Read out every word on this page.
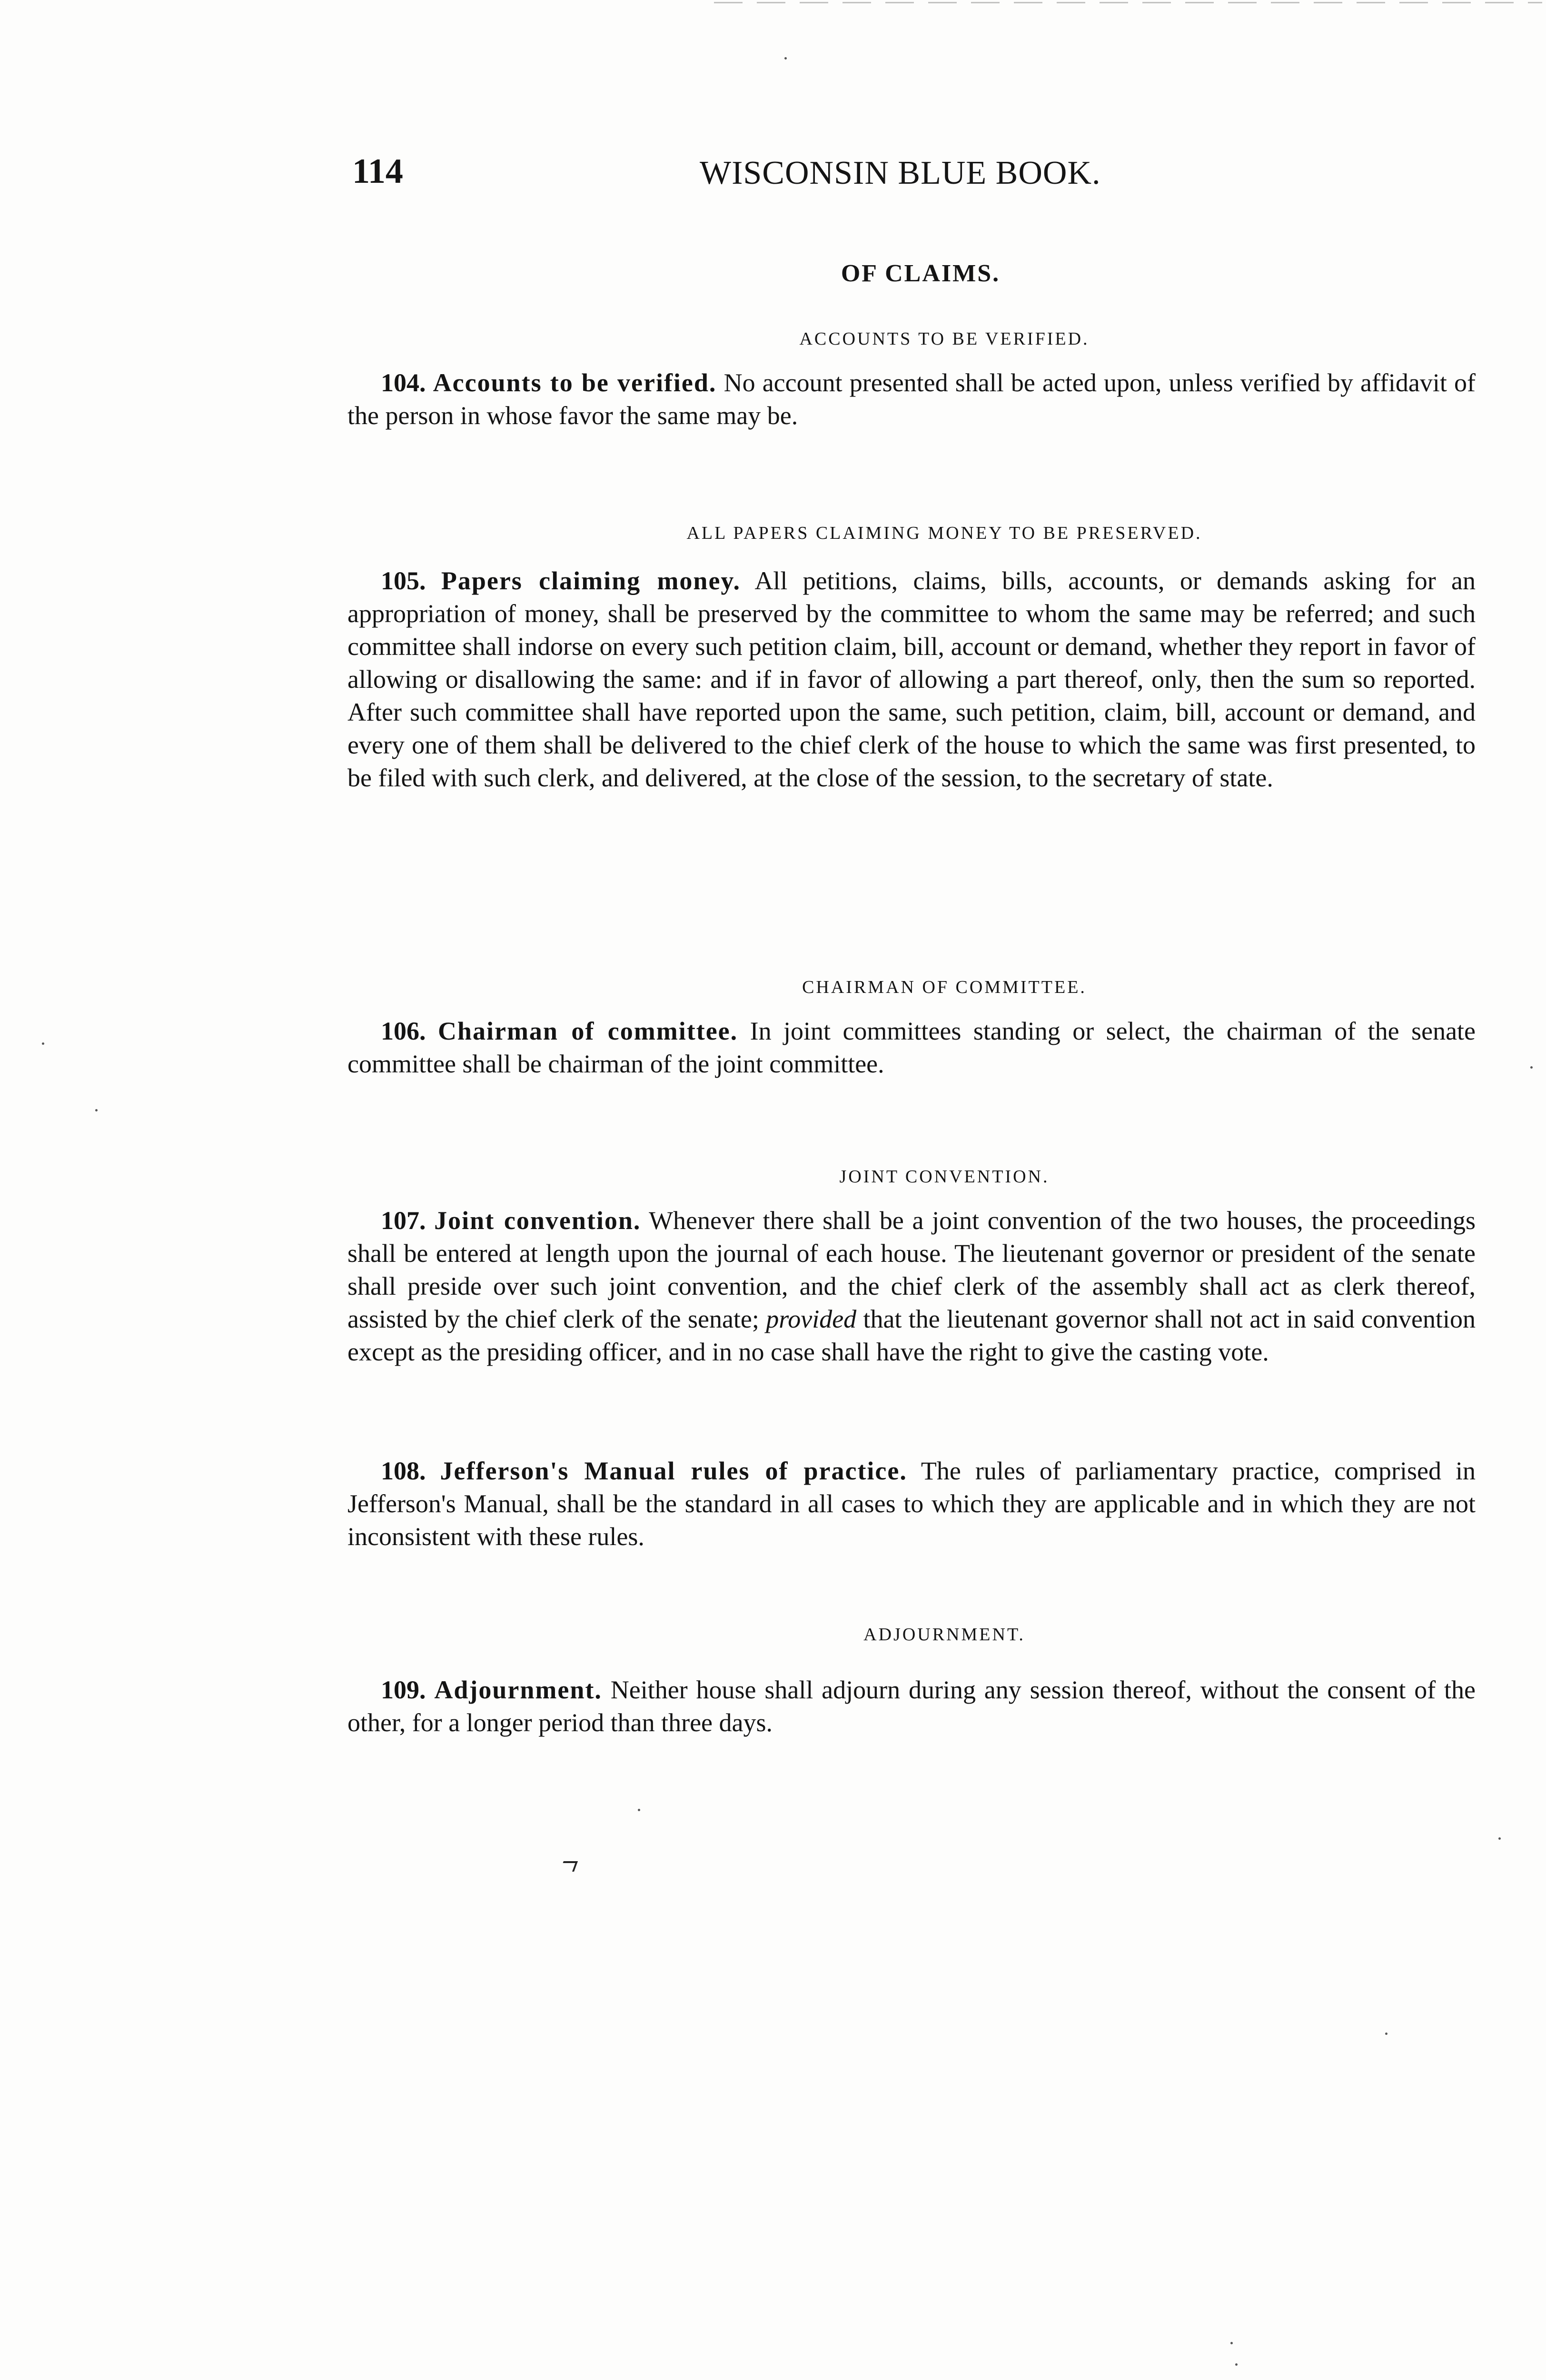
114	WISCONSIN BLUE BOOK.
OF CLAIMS.
ACCOUNTS TO BE VERIFIED.

104. Accounts to be verified. No account presented shall be acted upon, unless verified by affidavit of the person in whose favor the same may be.

ALL PAPERS CLAIMING MONEY TO BE PRESERVED.

105. Papers claiming money. All petitions, claims, bills, accounts, or demands asking for an appropriation of money, shall be preserved by the committee to whom the same may be referred; and such committee shall indorse on every such petition claim, bill, account or demand, whether they report in favor of allowing or disallowing the same: and if in favor of allowing a part thereof, only, then the sum so reported. After such committee shall have reported upon the same, such petition, claim, bill, account or demand, and every one of them shall be delivered to the chief clerk of the house to which the same was first presented, to be filed with such clerk, and delivered, at the close of the session, to the secretary of state.

CHAIRMAN OF COMMITTEE.

106. Chairman of committee. In joint committees standing or select, the chairman of the senate committee shall be chairman of the joint committee.

JOINT CONVENTION.

107. Joint convention. Whenever there shall be a joint convention of the two houses, the proceedings shall be entered at length upon the journal of each house. The lieutenant governor or president of the senate shall preside over such joint convention, and the chief clerk of the assembly shall act as clerk thereof, assisted by the chief clerk of the senate; provided that the lieutenant governor shall not act in said convention except as the presiding officer, and in no case shall have the right to give the casting vote.

108. Jefferson's Manual rules of practice. The rules of parliamentary practice, comprised in Jefferson's Manual, shall be the standard in all cases to which they are applicable and in which they are not inconsistent with these rules.

ADJOURNMENT.

109. Adjournment. Neither house shall adjourn during any session thereof, without the consent of the other, for a longer period than three days.
